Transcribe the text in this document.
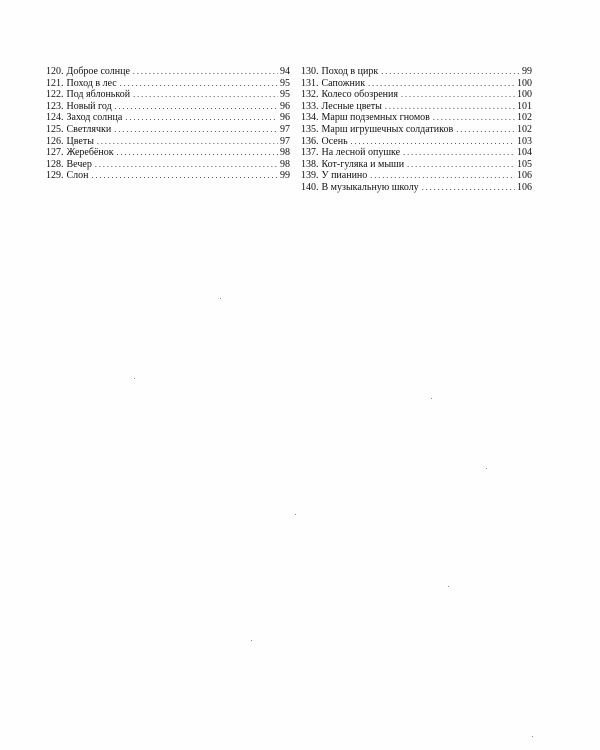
120. Доброе солнце . . .	94
121. Поход в лес . . .	95
122. Под яблонькой . . .	95
123. Новый год . . .	96
124. Заход солнца . . .	96
125. Светлячки . . .	97
126. Цветы . . .	97
127. Жеребёнок . . .	98
128. Вечер . . .	98
129. Слон . . .	99
130. Поход в цирк . . .	99
131. Сапожник . . .	100
132. Колесо обозрения . . .	100
133. Лесные цветы . . .	101
134. Марш подземных гномов . . .	102
135. Марш игрушечных солдатиков . . .	102
136. Осень . . .	103
137. На лесной опушке . . .	104
138. Кот-гуляка и мыши . . .	105
139. У пианино . . .	106
140. В музыкальную школу . . .	106
